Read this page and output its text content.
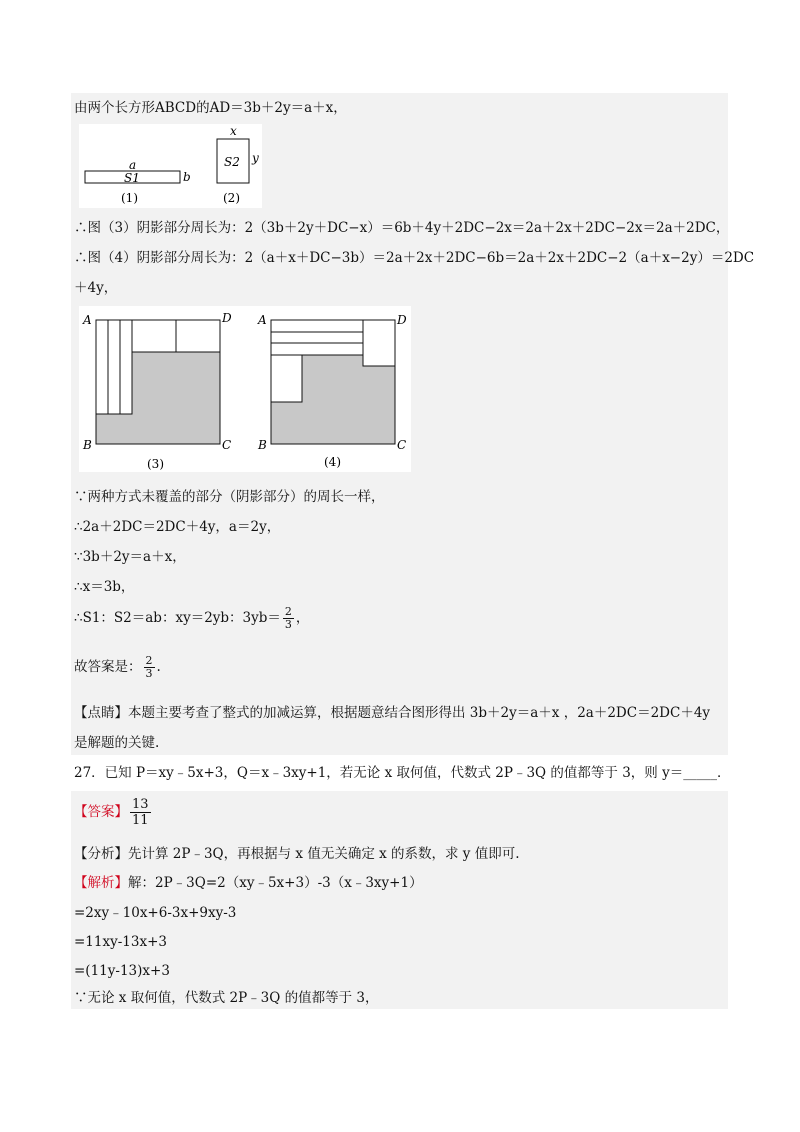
由两个长方形ABCD的AD＝3b＋2y＝a＋x，
a
S1	b
(1)
x
S2 y
(2)
∴图（3）阴影部分周长为：2（3b＋2y＋DC−x）＝6b＋4y＋2DC−2x＝2a＋2x＋2DC−2x＝2a＋2DC，
∴图（4）阴影部分周长为：2（a＋x＋DC−3b）＝2a＋2x＋2DC−6b＝2a＋2x＋2DC−2（a＋x−2y）＝2DC
＋4y，
A	D
B	C
(3)
A	D
B	C
(4)
∵两种方式未覆盖的部分（阴影部分）的周长一样，
∴2a＋2DC＝2DC＋4y，a＝2y，
∵3b＋2y＝a＋x，
∴x＝3b，
∴S1：S2＝ab：xy＝2yb：$3yb= \frac{2}{3}$ ，
故答案是： $\frac{2}{3}$ .
【点睛】本题主要考查了整式的加减运算，根据题意结合图形得出 3b＋2y＝a＋x ，2a＋2DC＝2DC＋4y
是解题的关键.
27．已知 P＝xy﹣5x+3，Q＝x﹣3xy+1，若无论 x 取何值，代数式 2P﹣3Q 的值都等于 3，则 y＝_____．
【答案】 $\frac{13}{11}$
【分析】先计算 2P﹣3Q，再根据与 x 值无关确定 x 的系数，求 y 值即可.
【解析】解：2P﹣3Q=2（xy﹣5x+3）-3（x﹣3xy+1）
=2xy﹣10x+6-3x+9xy-3
=11xy-13x+3
=(11y-13)x+3
∵无论 x 取何值，代数式 2P﹣3Q 的值都等于 3，
